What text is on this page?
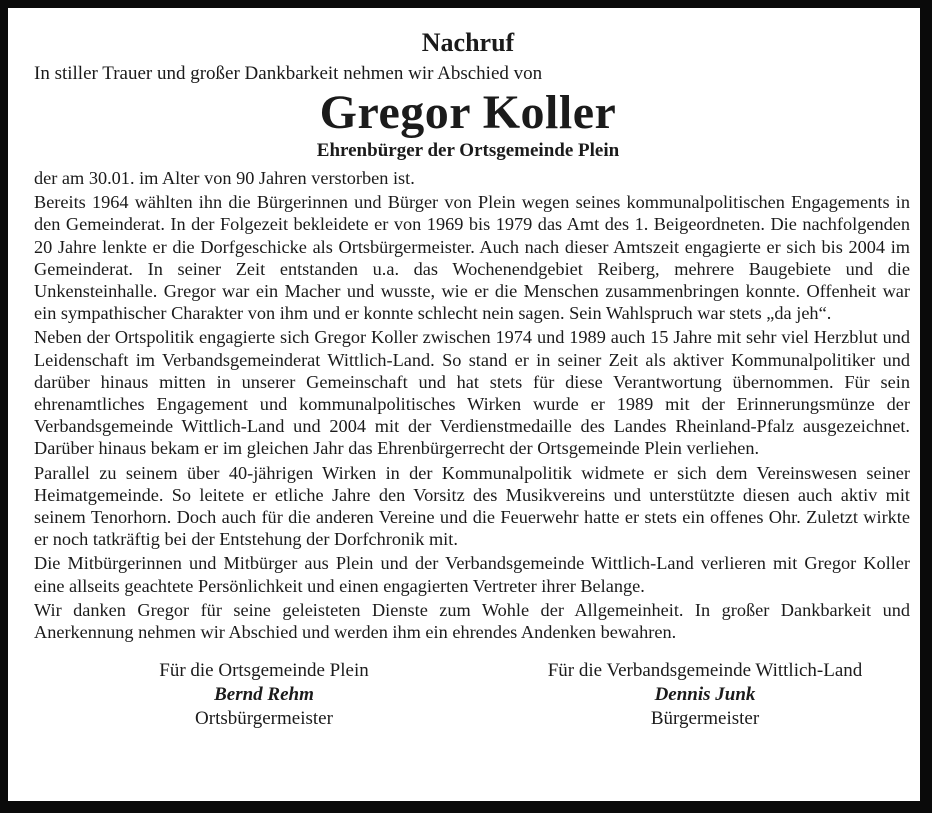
Nachruf

In stiller Trauer und großer Dankbarkeit nehmen wir Abschied von

Gregor Koller

Ehrenbürger der Ortsgemeinde Plein

der am 30.01. im Alter von 90 Jahren verstorben ist.

Bereits 1964 wählten ihn die Bürgerinnen und Bürger von Plein wegen seines kommunalpolitischen Engagements in den Gemeinderat. In der Folgezeit bekleidete er von 1969 bis 1979 das Amt des 1. Beigeordneten. Die nachfolgenden 20 Jahre lenkte er die Dorfgeschicke als Ortsbürgermeister. Auch nach dieser Amtszeit engagierte er sich bis 2004 im Gemeinderat. In seiner Zeit entstanden u.a. das Wochenendgebiet Reiberg, mehrere Baugebiete und die Unkensteinhalle. Gregor war ein Macher und wusste, wie er die Menschen zusammenbringen konnte. Offenheit war ein sympathischer Charakter von ihm und er konnte schlecht nein sagen. Sein Wahlspruch war stets „da jeh“.

Neben der Ortspolitik engagierte sich Gregor Koller zwischen 1974 und 1989 auch 15 Jahre mit sehr viel Herzblut und Leidenschaft im Verbandsgemeinderat Wittlich-Land. So stand er in seiner Zeit als aktiver Kommunalpolitiker und darüber hinaus mitten in unserer Gemeinschaft und hat stets für diese Verantwortung übernommen. Für sein ehrenamtliches Engagement und kommunalpolitisches Wirken wurde er 1989 mit der Erinnerungsmünze der Verbandsgemeinde Wittlich-Land und 2004 mit der Verdienstmedaille des Landes Rheinland-Pfalz ausgezeichnet. Darüber hinaus bekam er im gleichen Jahr das Ehrenbürgerrecht der Ortsgemeinde Plein verliehen.

Parallel zu seinem über 40-jährigen Wirken in der Kommunalpolitik widmete er sich dem Vereinswesen seiner Heimatgemeinde. So leitete er etliche Jahre den Vorsitz des Musikvereins und unterstützte diesen auch aktiv mit seinem Tenorhorn. Doch auch für die anderen Vereine und die Feuerwehr hatte er stets ein offenes Ohr. Zuletzt wirkte er noch tatkräftig bei der Entstehung der Dorfchronik mit.

Die Mitbürgerinnen und Mitbürger aus Plein und der Verbandsgemeinde Wittlich-Land verlieren mit Gregor Koller eine allseits geachtete Persönlichkeit und einen engagierten Vertreter ihrer Belange.

Wir danken Gregor für seine geleisteten Dienste zum Wohle der Allgemeinheit. In großer Dankbarkeit und Anerkennung nehmen wir Abschied und werden ihm ein ehrendes Andenken bewahren.

Für die Ortsgemeinde Plein
Bernd Rehm
Ortsbürgermeister
Für die Verbandsgemeinde Wittlich-Land
Dennis Junk
Bürgermeister
